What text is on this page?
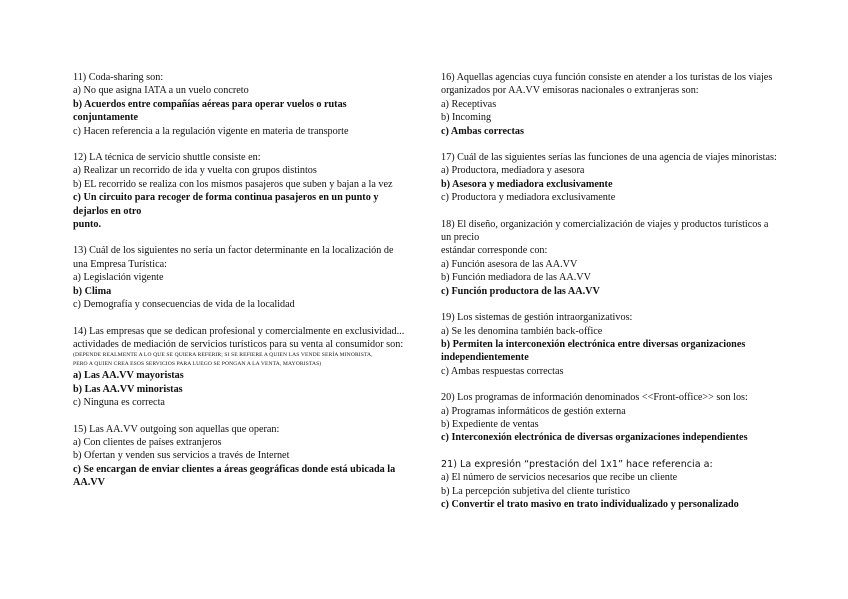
11) Coda-sharing son:
a) No que asigna IATA a un vuelo concreto
b) Acuerdos entre compañías aéreas para operar vuelos o rutas
conjuntamente
c) Hacen referencia a la regulación vigente en materia de transporte
12) LA técnica de servicio shuttle consiste en:
a) Realizar un recorrido de ida y vuelta con grupos distintos
b) EL recorrido se realiza con los mismos pasajeros que suben y bajan a la vez
c) Un circuito para recoger de forma continua pasajeros en un punto y
dejarlos en otro
punto.
13) Cuál de los siguientes no sería un factor determinante en la localización de
una Empresa Turística:
a) Legislación vigente
b) Clima
c) Demografía y consecuencias de vida de la localidad
14) Las empresas que se dedican profesional y comercialmente en exclusividad...
actividades de mediación de servicios turísticos para su venta al consumidor son:
(DEPENDE REALMENTE A LO QUE SE QUIERA REFERIR; SI SE REFIERE A QUIEN LAS VENDE SERÍA MINORISTA,
PERO A QUIEN CREA ESOS SERVICIOS PARA LUEGO SE PONGAN A LA VENTA, MAYORISTAS)
a) Las AA.VV mayoristas
b) Las AA.VV minoristas
c) Ninguna es correcta
15) Las AA.VV outgoing son aquellas que operan:
a) Con clientes de países extranjeros
b) Ofertan y venden sus servicios a través de Internet
c) Se encargan de enviar clientes a áreas geográficas donde está ubicada la
AA.VV
16) Aquellas agencias cuya función consiste en atender a los turistas de los viajes
organizados por AA.VV emisoras nacionales o extranjeras son:
a) Receptivas
b) Incoming
c) Ambas correctas
17) Cuál de las siguientes serías las funciones de una agencia de viajes minoristas:
a) Productora, mediadora y asesora
b) Asesora y mediadora exclusivamente
c) Productora y mediadora exclusivamente
18) El diseño, organización y comercialización de viajes y productos turísticos a
un precio
estándar corresponde con:
a) Función asesora de las AA.VV
b) Función mediadora de las AA.VV
c) Función productora de las AA.VV
19) Los sistemas de gestión intraorganizativos:
a) Se les denomina también back-office
b) Permiten la interconexión electrónica entre diversas organizaciones
independientemente
c) Ambas respuestas correctas
20) Los programas de información denominados <<Front-office>> son los:
a) Programas informáticos de gestión externa
b) Expediente de ventas
c) Interconexión electrónica de diversas organizaciones independientes
21) La expresión “prestación del 1x1” hace referencia a:
a) El número de servicios necesarios que recibe un cliente
b) La percepción subjetiva del cliente turístico
c) Convertir el trato masivo en trato individualizado y personalizado
